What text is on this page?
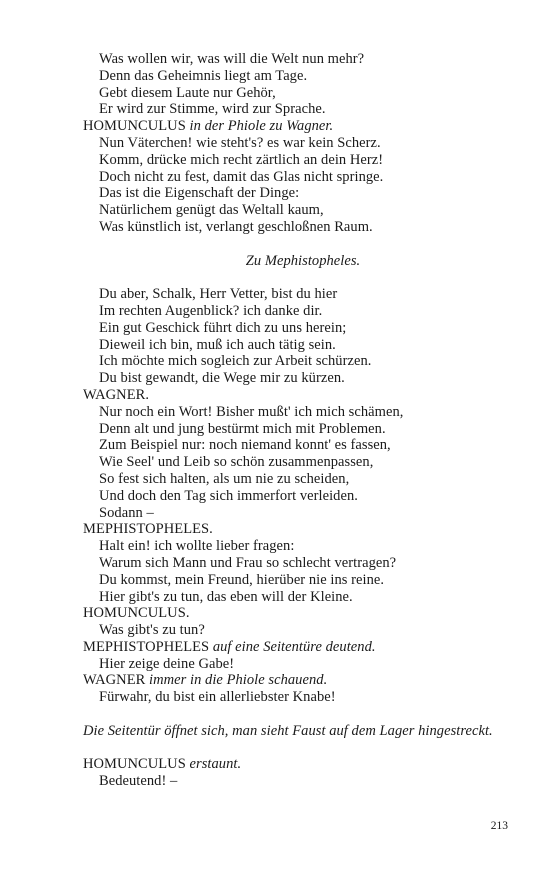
Was wollen wir, was will die Welt nun mehr?
Denn das Geheimnis liegt am Tage.
Gebt diesem Laute nur Gehör,
Er wird zur Stimme, wird zur Sprache.
HOMUNCULUS in der Phiole zu Wagner.
Nun Väterchen! wie steht's? es war kein Scherz.
Komm, drücke mich recht zärtlich an dein Herz!
Doch nicht zu fest, damit das Glas nicht springe.
Das ist die Eigenschaft der Dinge:
Natürlichem genügt das Weltall kaum,
Was künstlich ist, verlangt geschloßnen Raum.
Zu Mephistopheles.
Du aber, Schalk, Herr Vetter, bist du hier
Im rechten Augenblick? ich danke dir.
Ein gut Geschick führt dich zu uns herein;
Dieweil ich bin, muß ich auch tätig sein.
Ich möchte mich sogleich zur Arbeit schürzen.
Du bist gewandt, die Wege mir zu kürzen.
WAGNER.
Nur noch ein Wort! Bisher mußt' ich mich schämen,
Denn alt und jung bestürmt mich mit Problemen.
Zum Beispiel nur: noch niemand konnt' es fassen,
Wie Seel' und Leib so schön zusammenpassen,
So fest sich halten, als um nie zu scheiden,
Und doch den Tag sich immerfort verleiden.
Sodann –
MEPHISTOPHELES.
Halt ein! ich wollte lieber fragen:
Warum sich Mann und Frau so schlecht vertragen?
Du kommst, mein Freund, hierüber nie ins reine.
Hier gibt's zu tun, das eben will der Kleine.
HOMUNCULUS.
Was gibt's zu tun?
MEPHISTOPHELES auf eine Seitentüre deutend.
Hier zeige deine Gabe!
WAGNER immer in die Phiole schauend.
Fürwahr, du bist ein allerliebster Knabe!
Die Seitentür öffnet sich, man sieht Faust auf dem Lager hingestreckt.
HOMUNCULUS erstaunt.
Bedeutend! –
213
